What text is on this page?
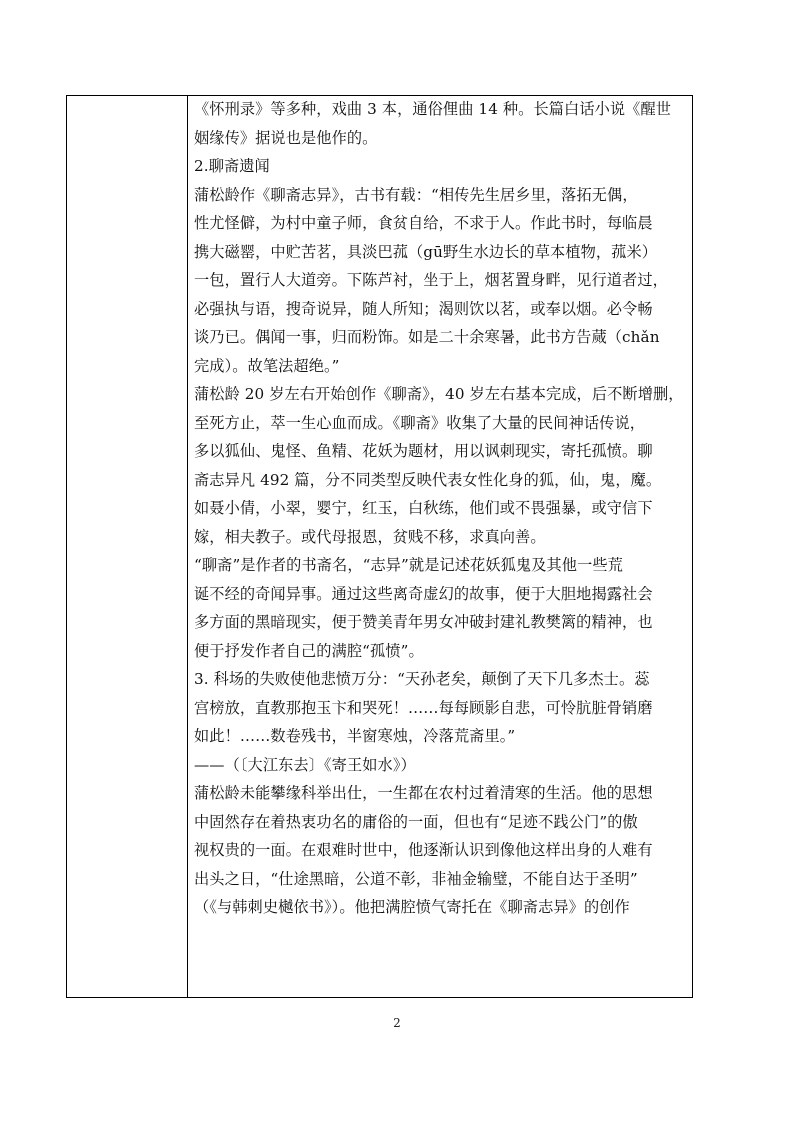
《怀刑录》等多种，戏曲 3 本，通俗俚曲 14 种。长篇白话小说《醒世
姻缘传》据说也是他作的。
2.聊斋遗闻
蒲松龄作《聊斋志异》，古书有载：“相传先生居乡里，落拓无偶，
性尤怪僻，为村中童子师，食贫自给，不求于人。作此书时，每临晨
携大磁罂，中贮苦茗，具淡巴菰（gū野生水边长的草本植物，菰米）
一包，置行人大道旁。下陈芦衬，坐于上，烟茗置身畔，见行道者过，
必强执与语，搜奇说异，随人所知；渴则饮以茗，或奉以烟。必令畅
谈乃已。偶闻一事，归而粉饰。如是二十余寒暑，此书方告蒇（chǎn
完成）。故笔法超绝。”
蒲松龄 20 岁左右开始创作《聊斋》，40 岁左右基本完成，后不断增删，
至死方止，萃一生心血而成。《聊斋》收集了大量的民间神话传说，
多以狐仙、鬼怪、鱼精、花妖为题材，用以讽刺现实，寄托孤愤。聊
斋志异凡 492 篇，分不同类型反映代表女性化身的狐，仙，鬼，魔。
如聂小倩，小翠，婴宁，红玉，白秋练，他们或不畏强暴，或守信下
嫁，相夫教子。或代母报恩，贫贱不移，求真向善。
“聊斋”是作者的书斋名，“志异”就是记述花妖狐鬼及其他一些荒
诞不经的奇闻异事。通过这些离奇虚幻的故事，便于大胆地揭露社会
多方面的黑暗现实，便于赞美青年男女冲破封建礼教樊篱的精神，也
便于抒发作者自己的满腔“孤愤”。
3. 科场的失败使他悲愤万分：“天孙老矣，颠倒了天下几多杰士。蕊
宫榜放，直教那抱玉卞和哭死！……每每顾影自悲，可怜肮脏骨销磨
如此！……数卷残书，半窗寒烛，冷落荒斋里。”
——（〔大江东去〕《寄王如水》）
蒲松龄未能攀缘科举出仕，一生都在农村过着清寒的生活。他的思想
中固然存在着热衷功名的庸俗的一面，但也有“足迹不践公门”的傲
视权贵的一面。在艰难时世中，他逐渐认识到像他这样出身的人难有
出头之日，“仕途黑暗，公道不彰，非袖金输璧，不能自达于圣明”
（《与韩刺史樾依书》）。他把满腔愤气寄托在《聊斋志异》的创作
2
